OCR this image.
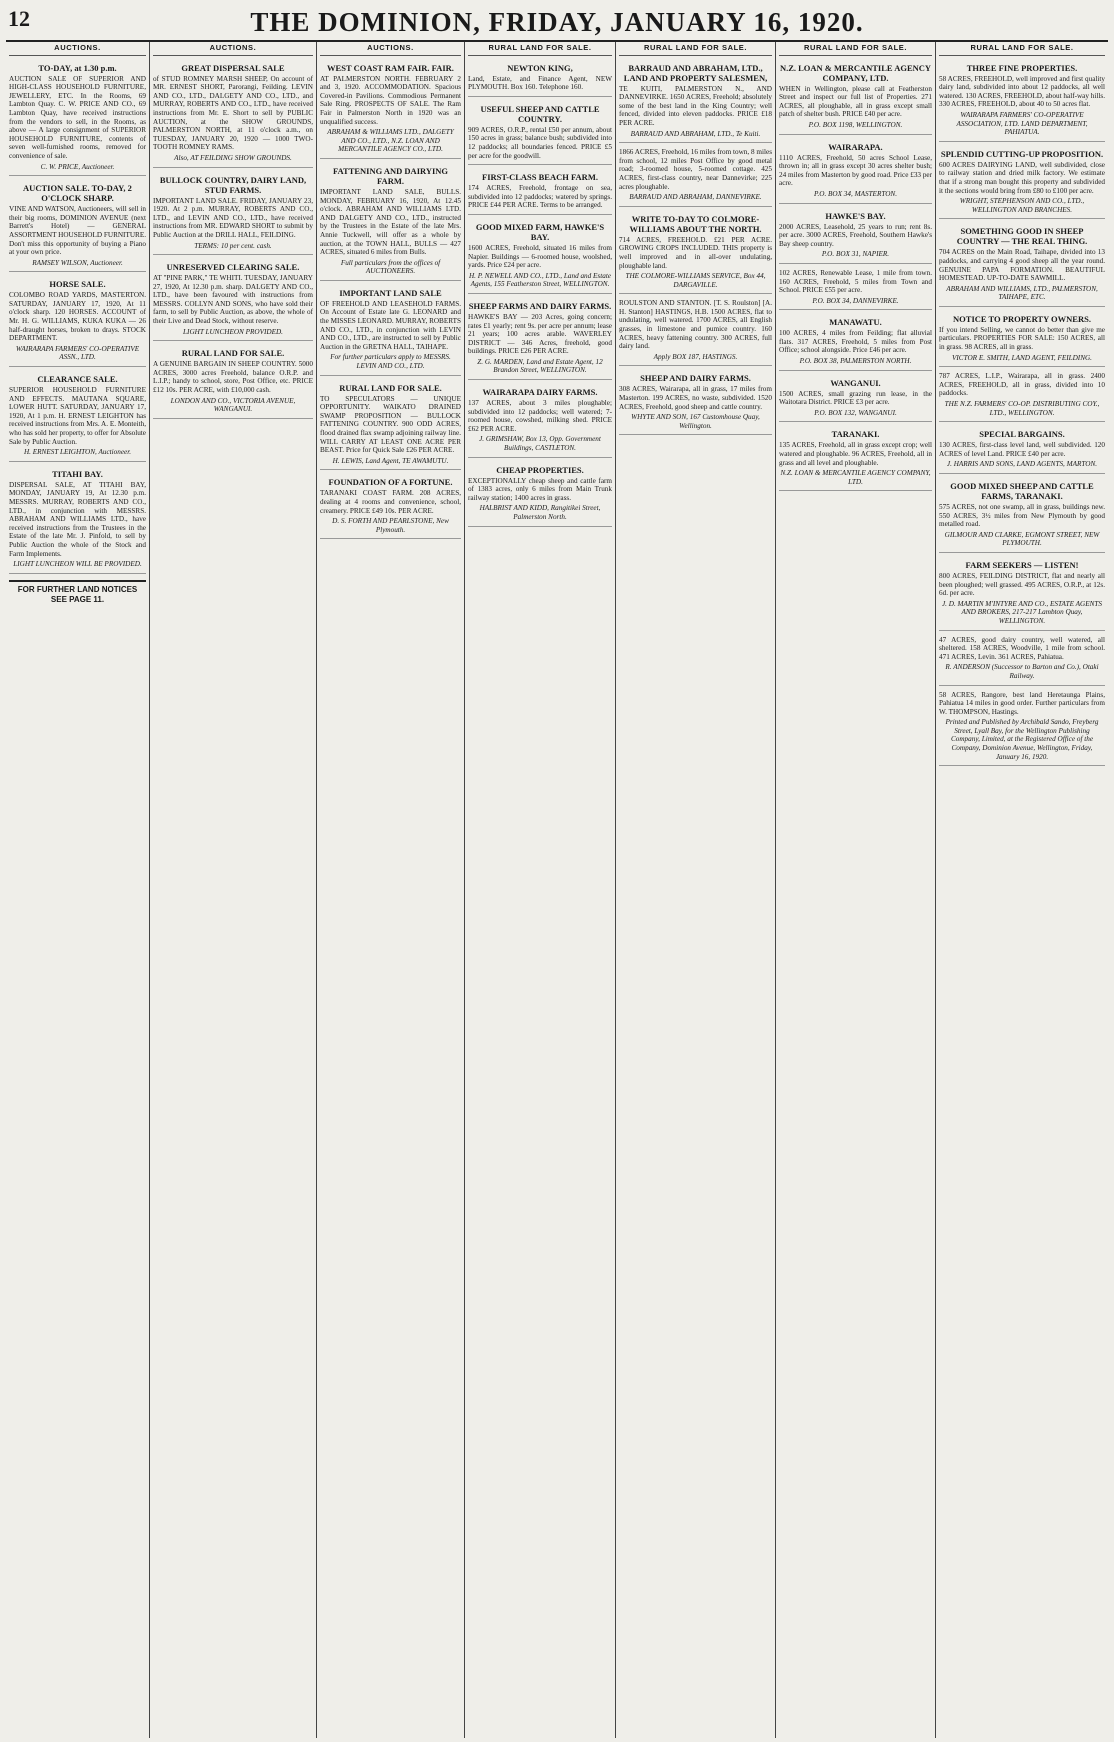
12	THE DOMINION, FRIDAY, JANUARY 16, 1920.
AUCTIONS.
TO-DAY, at 1.30 p.m.
AUCTION SALE OF SUPERIOR AND HIGH-CLASS HOUSEHOLD FURNITURE, JEWELLERY, ETC. In the Rooms, 69 Lambton Quay. C. W. PRICE AND CO., 69 Lambton Quay, have received instructions from the vendors to sell, in the Rooms, as above — A large consignment of SUPERIOR HOUSEHOLD FURNITURE, contents of seven well-furnished rooms, removed for convenience of sale.
C. W. PRICE, Auctioneer.
AUCTION SALE. TO-DAY, 2 O'CLOCK SHARP.
VINE AND WATSON, Auctioneers, will sell in their big rooms, DOMINION AVENUE (next Barrett's Hotel) — GENERAL ASSORTMENT HOUSEHOLD FURNITURE. Don't miss this opportunity of buying a Piano at your own price.
RAMSEY WILSON, Auctioneer.
HORSE SALE.
COLOMBO ROAD YARDS, MASTERTON. SATURDAY, JANUARY 17, 1920, At 11 o'clock sharp. 120 HORSES. ACCOUNT of Mr. H. G. WILLIAMS, KUKA KUKA — 26 half-draught horses, broken to drays. STOCK DEPARTMENT.
WAIRARAPA FARMERS' CO-OPERATIVE ASSN., LTD.
CLEARANCE SALE.
SUPERIOR HOUSEHOLD FURNITURE AND EFFECTS. MAUTANA SQUARE, LOWER HUTT. SATURDAY, JANUARY 17, 1920, At 1 p.m. H. ERNEST LEIGHTON has received instructions from Mrs. A. E. Monteith, who has sold her property, to offer for Absolute Sale by Public Auction.
H. ERNEST LEIGHTON, Auctioneer.
TITAHI BAY.
DISPERSAL SALE, AT TITAHI BAY, MONDAY, JANUARY 19, At 12.30 p.m. MESSRS. MURRAY, ROBERTS AND CO., LTD., in conjunction with MESSRS. ABRAHAM AND WILLIAMS LTD., have received instructions from the Trustees in the Estate of the late Mr. J. Pinfold, to sell by Public Auction the whole of the Stock and Farm Implements.
LIGHT LUNCHEON WILL BE PROVIDED.
FOR FURTHER LAND NOTICES SEE PAGE 11.
AUCTIONS.
GREAT DISPERSAL SALE
of STUD ROMNEY MARSH SHEEP, On account of MR. ERNEST SHORT, Parorangi, Feilding. LEVIN AND CO., LTD., DALGETY AND CO., LTD., and MURRAY, ROBERTS AND CO., LTD., have received instructions from Mr. E. Short to sell by PUBLIC AUCTION, at the SHOW GROUNDS, PALMERSTON NORTH, at 11 o'clock a.m., on TUESDAY, JANUARY 20, 1920 — 1000 TWO-TOOTH ROMNEY RAMS.
Also, AT FEILDING SHOW GROUNDS.
BULLOCK COUNTRY, DAIRY LAND, STUD FARMS.
IMPORTANT LAND SALE. FRIDAY, JANUARY 23, 1920. At 2 p.m. MURRAY, ROBERTS AND CO., LTD., and LEVIN AND CO., LTD., have received instructions from MR. EDWARD SHORT to submit by Public Auction at the DRILL HALL, FEILDING.
TERMS: 10 per cent. cash.
UNRESERVED CLEARING SALE.
AT "PINE PARK," TE WHITI. TUESDAY, JANUARY 27, 1920, At 12.30 p.m. sharp. DALGETY AND CO., LTD., have been favoured with instructions from MESSRS. COLLYN AND SONS, who have sold their farm, to sell by Public Auction, as above, the whole of their Live and Dead Stock, without reserve.
LIGHT LUNCHEON PROVIDED.
RURAL LAND FOR SALE.
A GENUINE BARGAIN IN SHEEP COUNTRY. 5000 ACRES, 3000 acres Freehold, balance O.R.P. and L.I.P.; handy to school, store, Post Office, etc. PRICE £12 10s. PER ACRE, with £10,000 cash.
LONDON AND CO., VICTORIA AVENUE, WANGANUI.
AUCTIONS.
WEST COAST RAM FAIR. FAIR.
AT PALMERSTON NORTH. FEBRUARY 2 and 3, 1920. ACCOMMODATION. Spacious Covered-in Pavilions. Commodious Permanent Sale Ring. PROSPECTS OF SALE. The Ram Fair in Palmerston North in 1920 was an unqualified success.
ABRAHAM & WILLIAMS LTD., DALGETY AND CO., LTD., N.Z. LOAN AND MERCANTILE AGENCY CO., LTD.
FATTENING AND DAIRYING FARM.
IMPORTANT LAND SALE, BULLS. MONDAY, FEBRUARY 16, 1920, At 12.45 o'clock. ABRAHAM AND WILLIAMS LTD. AND DALGETY AND CO., LTD., instructed by the Trustees in the Estate of the late Mrs. Annie Tuckwell, will offer as a whole by auction, at the TOWN HALL, BULLS — 427 ACRES, situated 6 miles from Bulls.
Full particulars from the offices of AUCTIONEERS.
IMPORTANT LAND SALE
OF FREEHOLD AND LEASEHOLD FARMS. On Account of Estate late G. LEONARD and the MISSES LEONARD. MURRAY, ROBERTS AND CO., LTD., in conjunction with LEVIN AND CO., LTD., are instructed to sell by Public Auction in the GRETNA HALL, TAIHAPE.
For further particulars apply to MESSRS. LEVIN AND CO., LTD.
RURAL LAND FOR SALE.
TO SPECULATORS — UNIQUE OPPORTUNITY. WAIKATO DRAINED SWAMP PROPOSITION — BULLOCK FATTENING COUNTRY. 900 ODD ACRES, flood drained flax swamp adjoining railway line. WILL CARRY AT LEAST ONE ACRE PER BEAST. Price for Quick Sale £26 PER ACRE.
H. LEWIS, Land Agent, TE AWAMUTU.
FOUNDATION OF A FORTUNE.
TARANAKI COAST FARM. 208 ACRES, dealing at 4 rooms and convenience, school, creamery. PRICE £49 10s. PER ACRE.
D. S. FORTH AND PEARLSTONE, New Plymouth.
RURAL LAND FOR SALE.
NEWTON KING,
Land, Estate, and Finance Agent, NEW PLYMOUTH. Box 160. Telephone 160.
USEFUL SHEEP AND CATTLE COUNTRY.
909 ACRES, O.R.P., rental £50 per annum, about 150 acres in grass; balance bush; subdivided into 12 paddocks; all boundaries fenced. PRICE £5 per acre for the goodwill.
FIRST-CLASS BEACH FARM.
174 ACRES, Freehold, frontage on sea, subdivided into 12 paddocks; watered by springs. PRICE £44 PER ACRE. Terms to be arranged.
GOOD MIXED FARM, HAWKE'S BAY.
1600 ACRES, Freehold, situated 16 miles from Napier. Buildings — 6-roomed house, woolshed, yards. Price £24 per acre.
H. P. NEWELL AND CO., LTD., Land and Estate Agents, 155 Featherston Street, WELLINGTON.
SHEEP FARMS AND DAIRY FARMS.
HAWKE'S BAY — 203 Acres, going concern; rates £1 yearly; rent 9s. per acre per annum; lease 21 years; 100 acres arable. WAVERLEY DISTRICT — 346 Acres, freehold, good buildings. PRICE £26 PER ACRE.
Z. G. MARDEN, Land and Estate Agent, 12 Brandon Street, WELLINGTON.
WAIRARAPA DAIRY FARMS.
137 ACRES, about 3 miles ploughable; subdivided into 12 paddocks; well watered; 7-roomed house, cowshed, milking shed. PRICE £62 PER ACRE.
J. GRIMSHAW, Box 13, Opp. Government Buildings, CASTLETON.
CHEAP PROPERTIES.
EXCEPTIONALLY cheap sheep and cattle farm of 1383 acres, only 6 miles from Main Trunk railway station; 1400 acres in grass.
HALBRIST AND KIDD, Rangitikei Street, Palmerston North.
RURAL LAND FOR SALE.
BARRAUD AND ABRAHAM, LTD., LAND AND PROPERTY SALESMEN,
TE KUITI, PALMERSTON N., AND DANNEVIRKE. 1650 ACRES, Freehold; absolutely some of the best land in the King Country; well fenced, divided into eleven paddocks. PRICE £18 PER ACRE.
BARRAUD AND ABRAHAM, LTD., Te Kuiti.
1866 ACRES, Freehold, 16 miles from town, 8 miles from school, 12 miles Post Office by good metal road; 3-roomed house, 5-roomed cottage. 425 ACRES, first-class country, near Dannevirke; 225 acres ploughable.
BARRAUD AND ABRAHAM, DANNEVIRKE.
WRITE TO-DAY TO COLMORE-WILLIAMS ABOUT THE NORTH.
714 ACRES, FREEHOLD. £21 PER ACRE. GROWING CROPS INCLUDED. THIS property is well improved and in all-over undulating, ploughable land.
THE COLMORE-WILLIAMS SERVICE, Box 44, DARGAVILLE.
ROULSTON AND STANTON. [T. S. Roulston] [A. H. Stanton] HASTINGS, H.B. 1500 ACRES, flat to undulating, well watered. 1700 ACRES, all English grasses, in limestone and pumice country. 160 ACRES, heavy fattening country. 300 ACRES, full dairy land.
Apply BOX 187, HASTINGS.
SHEEP AND DAIRY FARMS.
308 ACRES, Wairarapa, all in grass, 17 miles from Masterton. 199 ACRES, no waste, subdivided. 1520 ACRES, Freehold, good sheep and cattle country.
WHYTE AND SON, 167 Customhouse Quay, Wellington.
RURAL LAND FOR SALE.
N.Z. LOAN & MERCANTILE AGENCY COMPANY, LTD.
WHEN in Wellington, please call at Featherston Street and inspect our full list of Properties. 271 ACRES, all ploughable, all in grass except small patch of shelter bush. PRICE £40 per acre.
P.O. BOX 1198, WELLINGTON.
WAIRARAPA.
1110 ACRES, Freehold, 50 acres School Lease, thrown in; all in grass except 30 acres shelter bush; 24 miles from Masterton by good road. Price £33 per acre.
P.O. BOX 34, MASTERTON.
HAWKE'S BAY.
2000 ACRES, Leasehold, 25 years to run; rent 8s. per acre. 3000 ACRES, Freehold, Southern Hawke's Bay sheep country.
P.O. BOX 31, NAPIER.
102 ACRES, Renewable Lease, 1 mile from town. 160 ACRES, Freehold, 5 miles from Town and School. PRICE £55 per acre.
P.O. BOX 34, DANNEVIRKE.
MANAWATU.
100 ACRES, 4 miles from Feilding; flat alluvial flats. 317 ACRES, Freehold, 5 miles from Post Office; school alongside. Price £46 per acre.
P.O. BOX 38, PALMERSTON NORTH.
WANGANUI.
1500 ACRES, small grazing run lease, in the Waitotara District. PRICE £3 per acre.
P.O. BOX 132, WANGANUI.
TARANAKI.
135 ACRES, Freehold, all in grass except crop; well watered and ploughable. 96 ACRES, Freehold, all in grass and all level and ploughable.
N.Z. LOAN & MERCANTILE AGENCY COMPANY, LTD.
RURAL LAND FOR SALE.
THREE FINE PROPERTIES.
58 ACRES, FREEHOLD, well improved and first quality dairy land, subdivided into about 12 paddocks, all well watered. 130 ACRES, FREEHOLD, about half-way hills. 330 ACRES, FREEHOLD, about 40 to 50 acres flat.
WAIRARAPA FARMERS' CO-OPERATIVE ASSOCIATION, LTD. LAND DEPARTMENT, PAHIATUA.
SPLENDID CUTTING-UP PROPOSITION.
600 ACRES DAIRYING LAND, well subdivided, close to railway station and dried milk factory. We estimate that if a strong man bought this property and subdivided it the sections would bring from £80 to £100 per acre.
WRIGHT, STEPHENSON AND CO., LTD., WELLINGTON AND BRANCHES.
SOMETHING GOOD IN SHEEP COUNTRY — THE REAL THING.
704 ACRES on the Main Road, Taihape, divided into 13 paddocks, and carrying 4 good sheep all the year round. GENUINE PAPA FORMATION. BEAUTIFUL HOMESTEAD. UP-TO-DATE SAWMILL.
ABRAHAM AND WILLIAMS, LTD., PALMERSTON, TAIHAPE, ETC.
NOTICE TO PROPERTY OWNERS.
If you intend Selling, we cannot do better than give me particulars. PROPERTIES FOR SALE: 150 ACRES, all in grass. 98 ACRES, all in grass.
VICTOR E. SMITH, LAND AGENT, FEILDING.
787 ACRES, L.I.P., Wairarapa, all in grass. 2400 ACRES, FREEHOLD, all in grass, divided into 10 paddocks.
THE N.Z. FARMERS' CO-OP. DISTRIBUTING COY., LTD., WELLINGTON.
SPECIAL BARGAINS.
130 ACRES, first-class level land, well subdivided. 120 ACRES of level Land. PRICE £40 per acre.
J. HARRIS AND SONS, LAND AGENTS, MARTON.
GOOD MIXED SHEEP AND CATTLE FARMS, TARANAKI.
575 ACRES, not one swamp, all in grass, buildings new. 550 ACRES, 3½ miles from New Plymouth by good metalled road.
GILMOUR AND CLARKE, EGMONT STREET, NEW PLYMOUTH.
FARM SEEKERS — LISTEN!
800 ACRES, FEILDING DISTRICT, flat and nearly all been ploughed; well grassed. 495 ACRES, O.R.P., at 12s. 6d. per acre.
J. D. MARTIN M'INTYRE AND CO., ESTATE AGENTS AND BROKERS, 217-217 Lambton Quay, WELLINGTON.
47 ACRES, good dairy country, well watered, all sheltered. 158 ACRES, Woodville, 1 mile from school. 471 ACRES, Levin. 361 ACRES, Pahiatua.
R. ANDERSON (Successor to Barton and Co.), Otaki Railway.
58 ACRES, Rangore, best land Heretaunga Plains, Pahiatua 14 miles in good order. Further particulars from W. THOMPSON, Hastings.
Printed and Published by Archibald Sando, Freyberg Street, Lyall Bay, for the Wellington Publishing Company, Limited, at the Registered Office of the Company, Dominion Avenue, Wellington, Friday, January 16, 1920.
